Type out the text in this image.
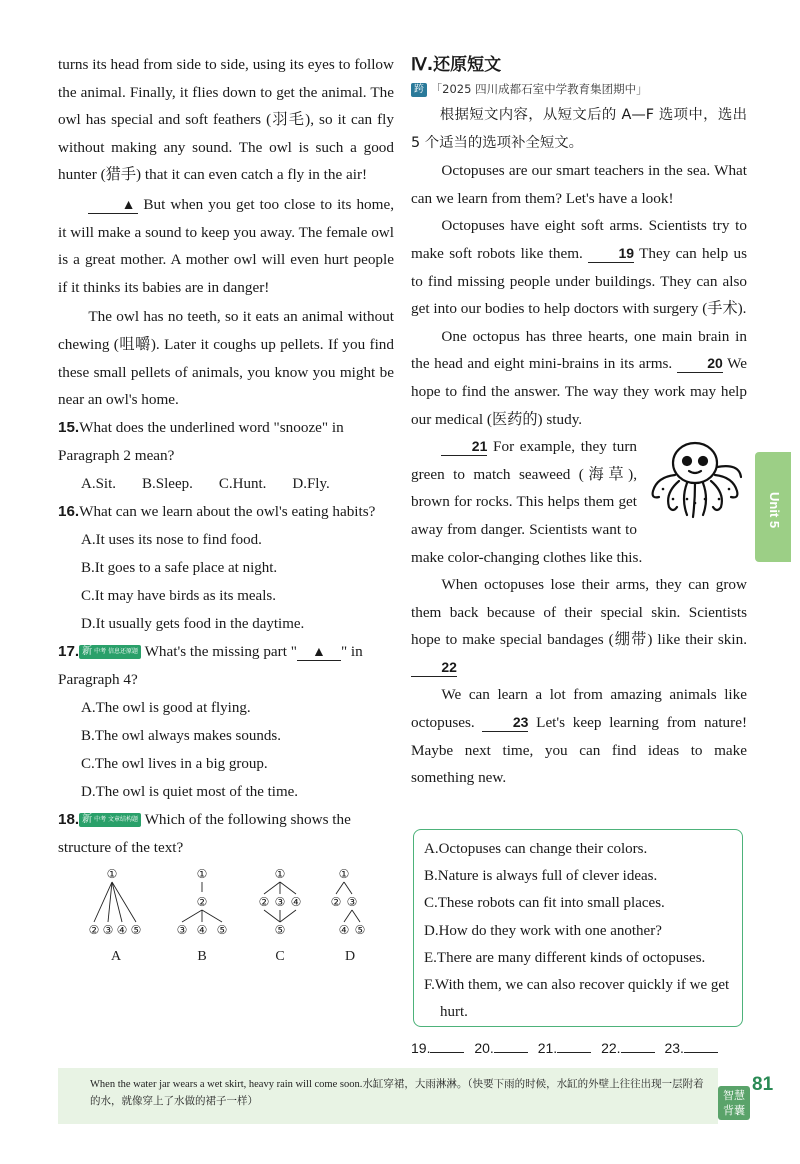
turns its head from side to side, using its eyes to follow the animal. Finally, it flies down to get the animal. The owl has special and soft feathers (羽毛), so it can fly without making any sound. The owl is such a good hunter (猎手) that it can even catch a fly in the air!

▲ But when you get too close to its home, it will make a sound to keep you away. The female owl is a great mother. A mother owl will even hurt people if it thinks its babies are in danger!

The owl has no teeth, so it eats an animal without chewing (咀嚼). Later it coughs up pellets. If you find these small pellets of animals, you know you might be near an owl's home.

15.What does the underlined word "snooze" in Paragraph 2 mean?
A.Sit. B.Sleep. C.Hunt. D.Fly.
16.What can we learn about the owl's eating habits?
A.It uses its nose to find food.
B.It goes to a safe place at night.
C.It may have birds as its meals.
D.It usually gets food in the daytime.
17. 新 中考 信息还原题 What's the missing part " ▲ " in Paragraph 4?
A.The owl is good at flying.
B.The owl always makes sounds.
C.The owl lives in a big group.
D.The owl is quiet most of the time.
18. 新 中考 文章结构题 Which of the following shows the structure of the text?
①
② ③ ④ ⑤
A
①
②
③ ④ ⑤
B
①
② ③ ④
⑤
C
①
② ③
④ ⑤
D
Ⅳ.还原短文
跨 「2025 四川成都石室中学教育集团期中」

根据短文内容，从短文后的 A—F 选项中，选出 5 个适当的选项补全短文。

Octopuses are our smart teachers in the sea. What can we learn from them? Let's have a look!

Octopuses have eight soft arms. Scientists try to make soft robots like them. 19 They can help us to find missing people under buildings. They can also get into our bodies to help doctors with surgery (手术).

One octopus has three hearts, one main brain in the head and eight mini-brains in its arms. 20 We hope to find the answer. The way they work may help our medical (医药的) study.

21 For example, they turn green to match seaweed (海草), brown for rocks. This helps them get away from danger. Scientists want to make color-changing clothes like this.

When octopuses lose their arms, they can grow them back because of their special skin. Scientists hope to make special bandages (绷带) like their skin. 22

We can learn a lot from amazing animals like octopuses. 23 Let's keep learning from nature! Maybe next time, you can find ideas to make something new.

A.Octopuses can change their colors.
B.Nature is always full of clever ideas.
C.These robots can fit into small places.
D.How do they work with one another?
E.There are many different kinds of octopuses.
F.With them, we can also recover quickly if we get hurt.
19.	20.	21.	22.	23.
Unit 5
When the water jar wears a wet skirt, heavy rain will come soon.水缸穿裙，大雨淋淋。（快要下雨的时候，水缸的外壁上往往出现一层附着的水，就像穿上了水做的裙子一样）
81
智慧背囊
